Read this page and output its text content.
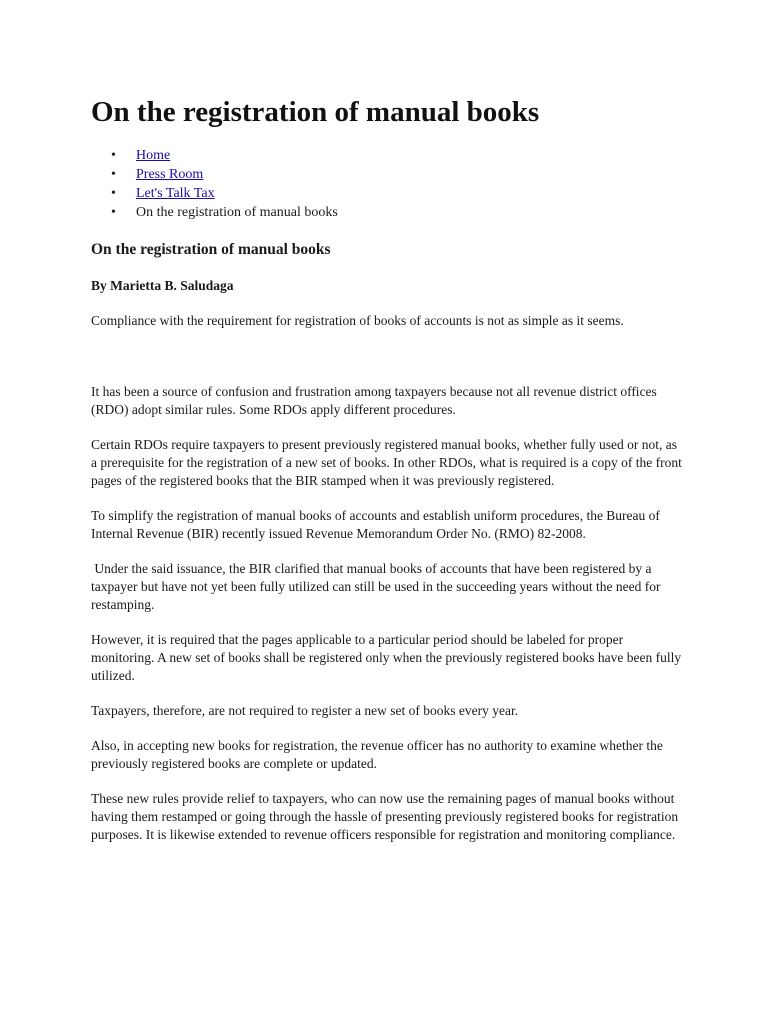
On the registration of manual books
• Home
• Press Room
• Let's Talk Tax
• On the registration of manual books
On the registration of manual books
By Marietta B. Saludaga

Compliance with the requirement for registration of books of accounts is not as simple as it seems.

It has been a source of confusion and frustration among taxpayers because not all revenue district offices (RDO) adopt similar rules. Some RDOs apply different procedures.

Certain RDOs require taxpayers to present previously registered manual books, whether fully used or not, as a prerequisite for the registration of a new set of books. In other RDOs, what is required is a copy of the front pages of the registered books that the BIR stamped when it was previously registered.

To simplify the registration of manual books of accounts and establish uniform procedures, the Bureau of Internal Revenue (BIR) recently issued Revenue Memorandum Order No. (RMO) 82-2008.

Under the said issuance, the BIR clarified that manual books of accounts that have been registered by a taxpayer but have not yet been fully utilized can still be used in the succeeding years without the need for restamping.

However, it is required that the pages applicable to a particular period should be labeled for proper monitoring. A new set of books shall be registered only when the previously registered books have been fully utilized.

Taxpayers, therefore, are not required to register a new set of books every year.

Also, in accepting new books for registration, the revenue officer has no authority to examine whether the previously registered books are complete or updated.

These new rules provide relief to taxpayers, who can now use the remaining pages of manual books without having them restamped or going through the hassle of presenting previously registered books for registration purposes. It is likewise extended to revenue officers responsible for registration and monitoring compliance.
